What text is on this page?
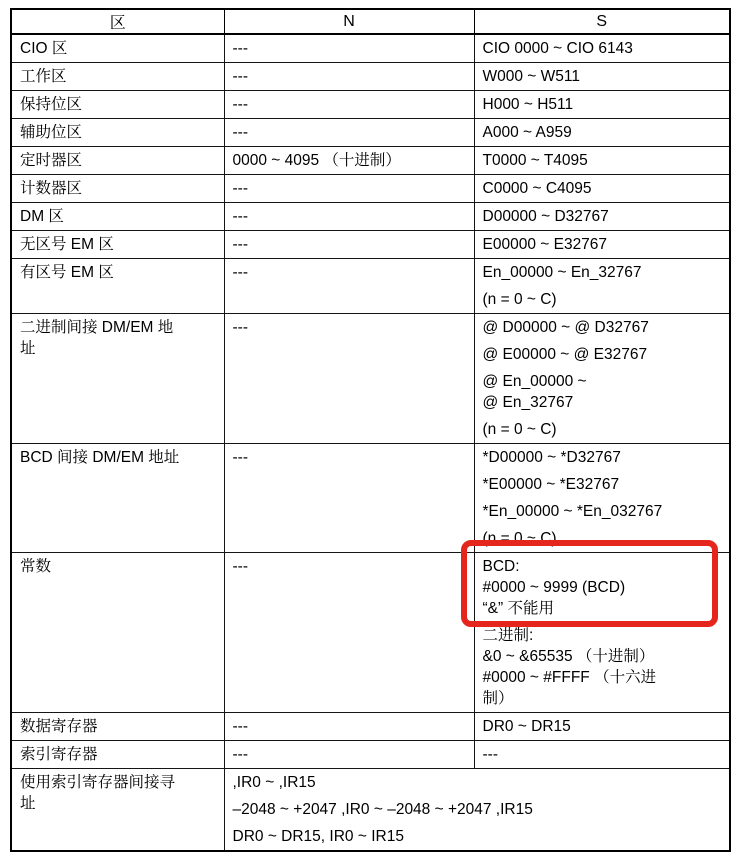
区	N	S
CIO 区	---	CIO 0000 ~ CIO 6143

工作区	---	W000 ~ W511

保持位区	---	H000 ~ H511

辅助位区	---	A000 ~ A959

定时器区	0000 ~ 4095 （十进制）	T0000 ~ T4095

计数器区	---	C0000 ~ C4095

DM 区	---	D00000 ~ D32767

无区号 EM 区	---	E00000 ~ E32767

有区号 EM 区	---	En_00000 ~ En_32767
(n = 0 ~ C)

二进制间接 DM/EM 地址	---	@ D00000 ~ @ D32767
@ E00000 ~ @ E32767
@ En_00000 ~
@ En_32767
(n = 0 ~ C)

BCD 间接 DM/EM 地址	---	*D00000 ~ *D32767
*E00000 ~ *E32767
*En_00000 ~ *En_032767
(n = 0 ~ C)

常数	---	BCD:
#0000 ~ 9999 (BCD)
“&” 不能用
二进制:
&0 ~ &65535 （十进制）
#0000 ~ #FFFF （十六进
制）

数据寄存器	---	DR0 ~ DR15

索引寄存器	---	---

使用索引寄存器间接寻址	,IR0 ~ ,IR15
–2048 ~ +2047 ,IR0 ~ –2048 ~ +2047 ,IR15
DR0 ~ DR15, IR0 ~ IR15	
